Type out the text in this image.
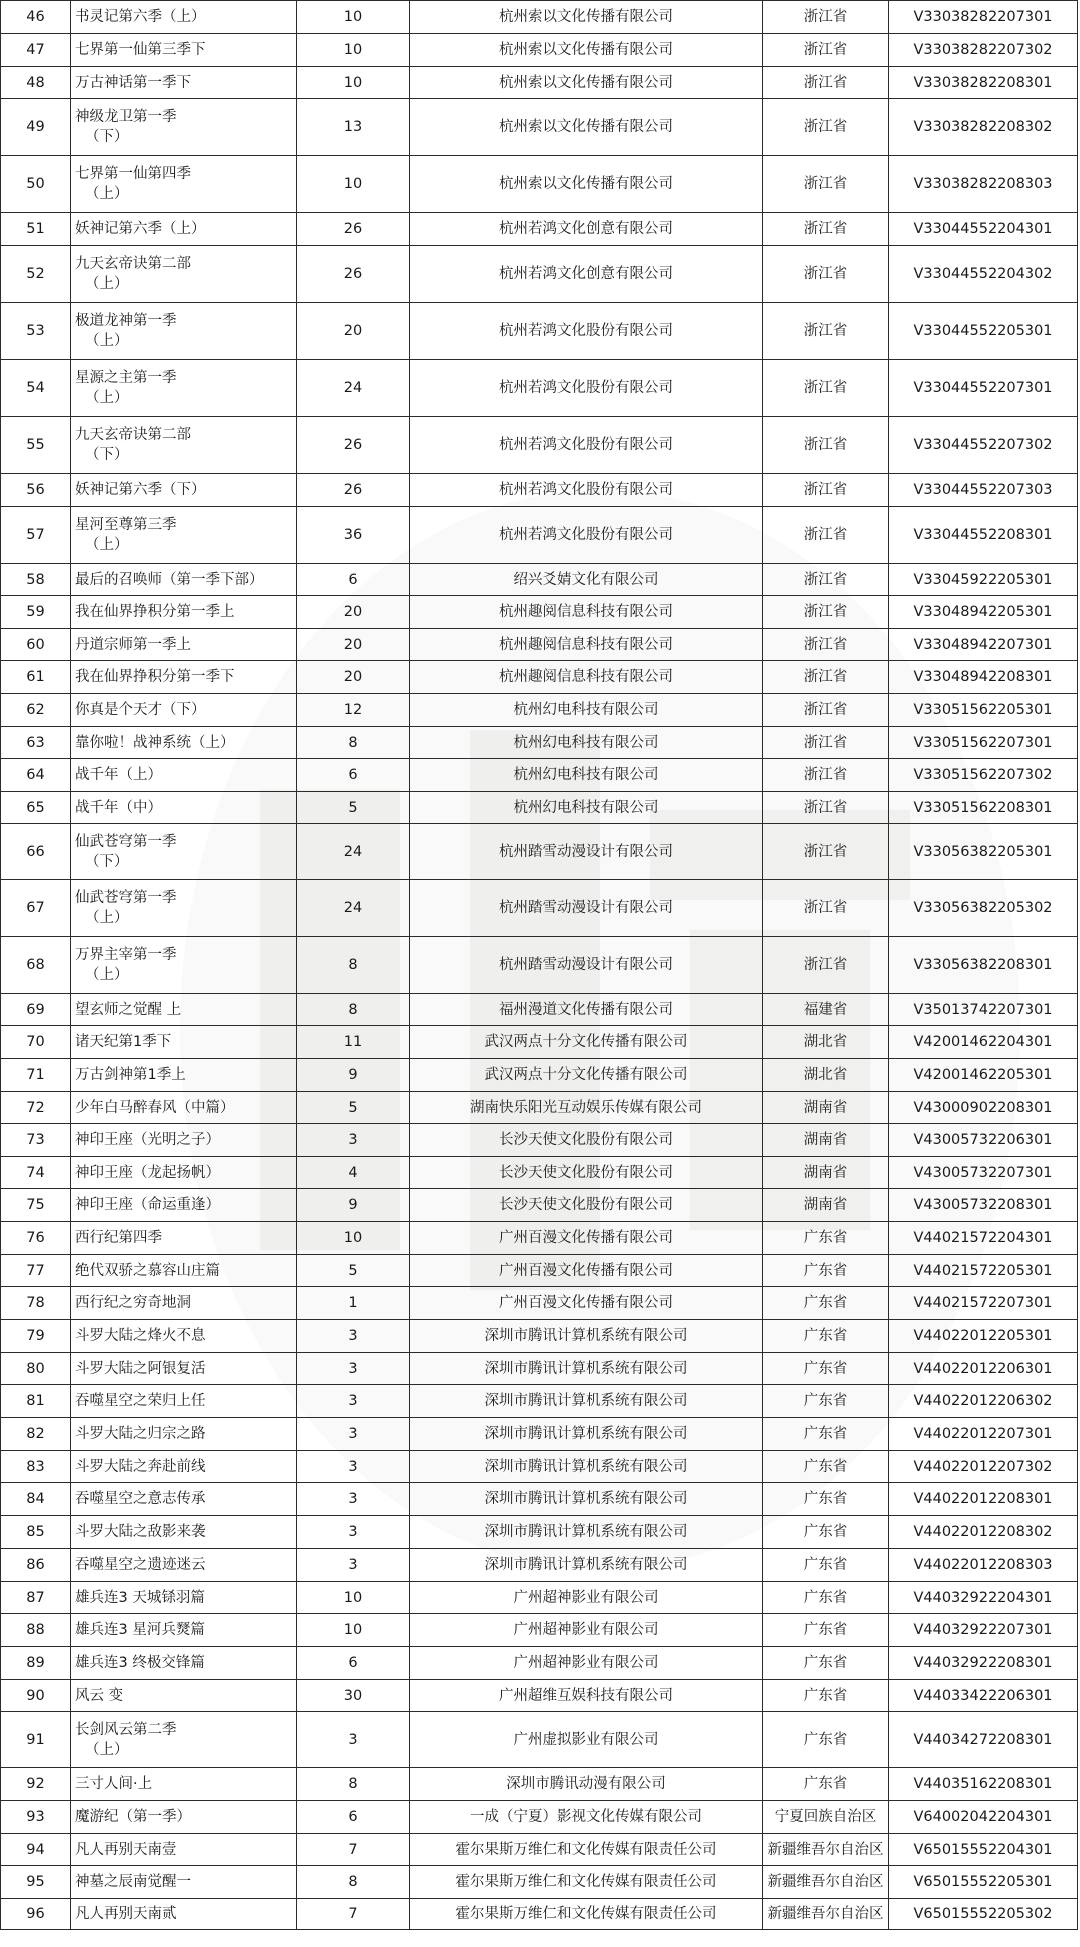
46	书灵记第六季（上）	10	杭州索以文化传播有限公司	浙江省	V33038282207301
47	七界第一仙第三季下	10	杭州索以文化传播有限公司	浙江省	V33038282207302
48	万古神话第一季下	10	杭州索以文化传播有限公司	浙江省	V33038282208301
49	神级龙卫第一季
（下）	13	杭州索以文化传播有限公司	浙江省	V33038282208302
50	七界第一仙第四季
（上）	10	杭州索以文化传播有限公司	浙江省	V33038282208303
51	妖神记第六季（上）	26	杭州若鸿文化创意有限公司	浙江省	V33044552204301
52	九天玄帝诀第二部
（上）	26	杭州若鸿文化创意有限公司	浙江省	V33044552204302
53	极道龙神第一季
（上）	20	杭州若鸿文化股份有限公司	浙江省	V33044552205301
54	星源之主第一季
（上）	24	杭州若鸿文化股份有限公司	浙江省	V33044552207301
55	九天玄帝诀第二部
（下）	26	杭州若鸿文化股份有限公司	浙江省	V33044552207302
56	妖神记第六季（下）	26	杭州若鸿文化股份有限公司	浙江省	V33044552207303
57	星河至尊第三季
（上）	36	杭州若鸿文化股份有限公司	浙江省	V33044552208301
58	最后的召唤师（第一季下部）	6	绍兴爻婧文化有限公司	浙江省	V33045922205301
59	我在仙界挣积分第一季上	20	杭州趣阅信息科技有限公司	浙江省	V33048942205301
60	丹道宗师第一季上	20	杭州趣阅信息科技有限公司	浙江省	V33048942207301
61	我在仙界挣积分第一季下	20	杭州趣阅信息科技有限公司	浙江省	V33048942208301
62	你真是个天才（下）	12	杭州幻电科技有限公司	浙江省	V33051562205301
63	靠你啦！战神系统（上）	8	杭州幻电科技有限公司	浙江省	V33051562207301
64	战千年（上）	6	杭州幻电科技有限公司	浙江省	V33051562207302
65	战千年（中）	5	杭州幻电科技有限公司	浙江省	V33051562208301
66	仙武苍穹第一季
（下）	24	杭州踏雪动漫设计有限公司	浙江省	V33056382205301
67	仙武苍穹第一季
（上）	24	杭州踏雪动漫设计有限公司	浙江省	V33056382205302
68	万界主宰第一季
（上）	8	杭州踏雪动漫设计有限公司	浙江省	V33056382208301
69	望玄师之觉醒 上	8	福州漫道文化传播有限公司	福建省	V35013742207301
70	诸天纪第1季下	11	武汉两点十分文化传播有限公司	湖北省	V42001462204301
71	万古剑神第1季上	9	武汉两点十分文化传播有限公司	湖北省	V42001462205301
72	少年白马醉春风（中篇）	5	湖南快乐阳光互动娱乐传媒有限公司	湖南省	V43000902208301
73	神印王座（光明之子）	3	长沙天使文化股份有限公司	湖南省	V43005732206301
74	神印王座（龙起扬帆）	4	长沙天使文化股份有限公司	湖南省	V43005732207301
75	神印王座（命运重逢）	9	长沙天使文化股份有限公司	湖南省	V43005732208301
76	西行纪第四季	10	广州百漫文化传播有限公司	广东省	V44021572204301
77	绝代双骄之慕容山庄篇	5	广州百漫文化传播有限公司	广东省	V44021572205301
78	西行纪之穷奇地洞	1	广州百漫文化传播有限公司	广东省	V44021572207301
79	斗罗大陆之烽火不息	3	深圳市腾讯计算机系统有限公司	广东省	V44022012205301
80	斗罗大陆之阿银复活	3	深圳市腾讯计算机系统有限公司	广东省	V44022012206301
81	吞噬星空之荣归上任	3	深圳市腾讯计算机系统有限公司	广东省	V44022012206302
82	斗罗大陆之归宗之路	3	深圳市腾讯计算机系统有限公司	广东省	V44022012207301
83	斗罗大陆之奔赴前线	3	深圳市腾讯计算机系统有限公司	广东省	V44022012207302
84	吞噬星空之意志传承	3	深圳市腾讯计算机系统有限公司	广东省	V44022012208301
85	斗罗大陆之敌影来袭	3	深圳市腾讯计算机系统有限公司	广东省	V44022012208302
86	吞噬星空之遗迹迷云	3	深圳市腾讯计算机系统有限公司	广东省	V44022012208303
87	雄兵连3 天城铩羽篇	10	广州超神影业有限公司	广东省	V44032922204301
88	雄兵连3 星河兵燹篇	10	广州超神影业有限公司	广东省	V44032922207301
89	雄兵连3 终极交锋篇	6	广州超神影业有限公司	广东省	V44032922208301
90	风云 变	30	广州超维互娱科技有限公司	广东省	V44033422206301
91	长剑风云第二季
（上）	3	广州虚拟影业有限公司	广东省	V44034272208301
92	三寸人间·上	8	深圳市腾讯动漫有限公司	广东省	V44035162208301
93	魔游纪（第一季）	6	一成（宁夏）影视文化传媒有限公司	宁夏回族自治区	V64002042204301
94	凡人再别天南壹	7	霍尔果斯万维仁和文化传媒有限责任公司	新疆维吾尔自治区	V65015552204301
95	神墓之辰南觉醒一	8	霍尔果斯万维仁和文化传媒有限责任公司	新疆维吾尔自治区	V65015552205301
96	凡人再别天南贰	7	霍尔果斯万维仁和文化传媒有限责任公司	新疆维吾尔自治区	V65015552205302
